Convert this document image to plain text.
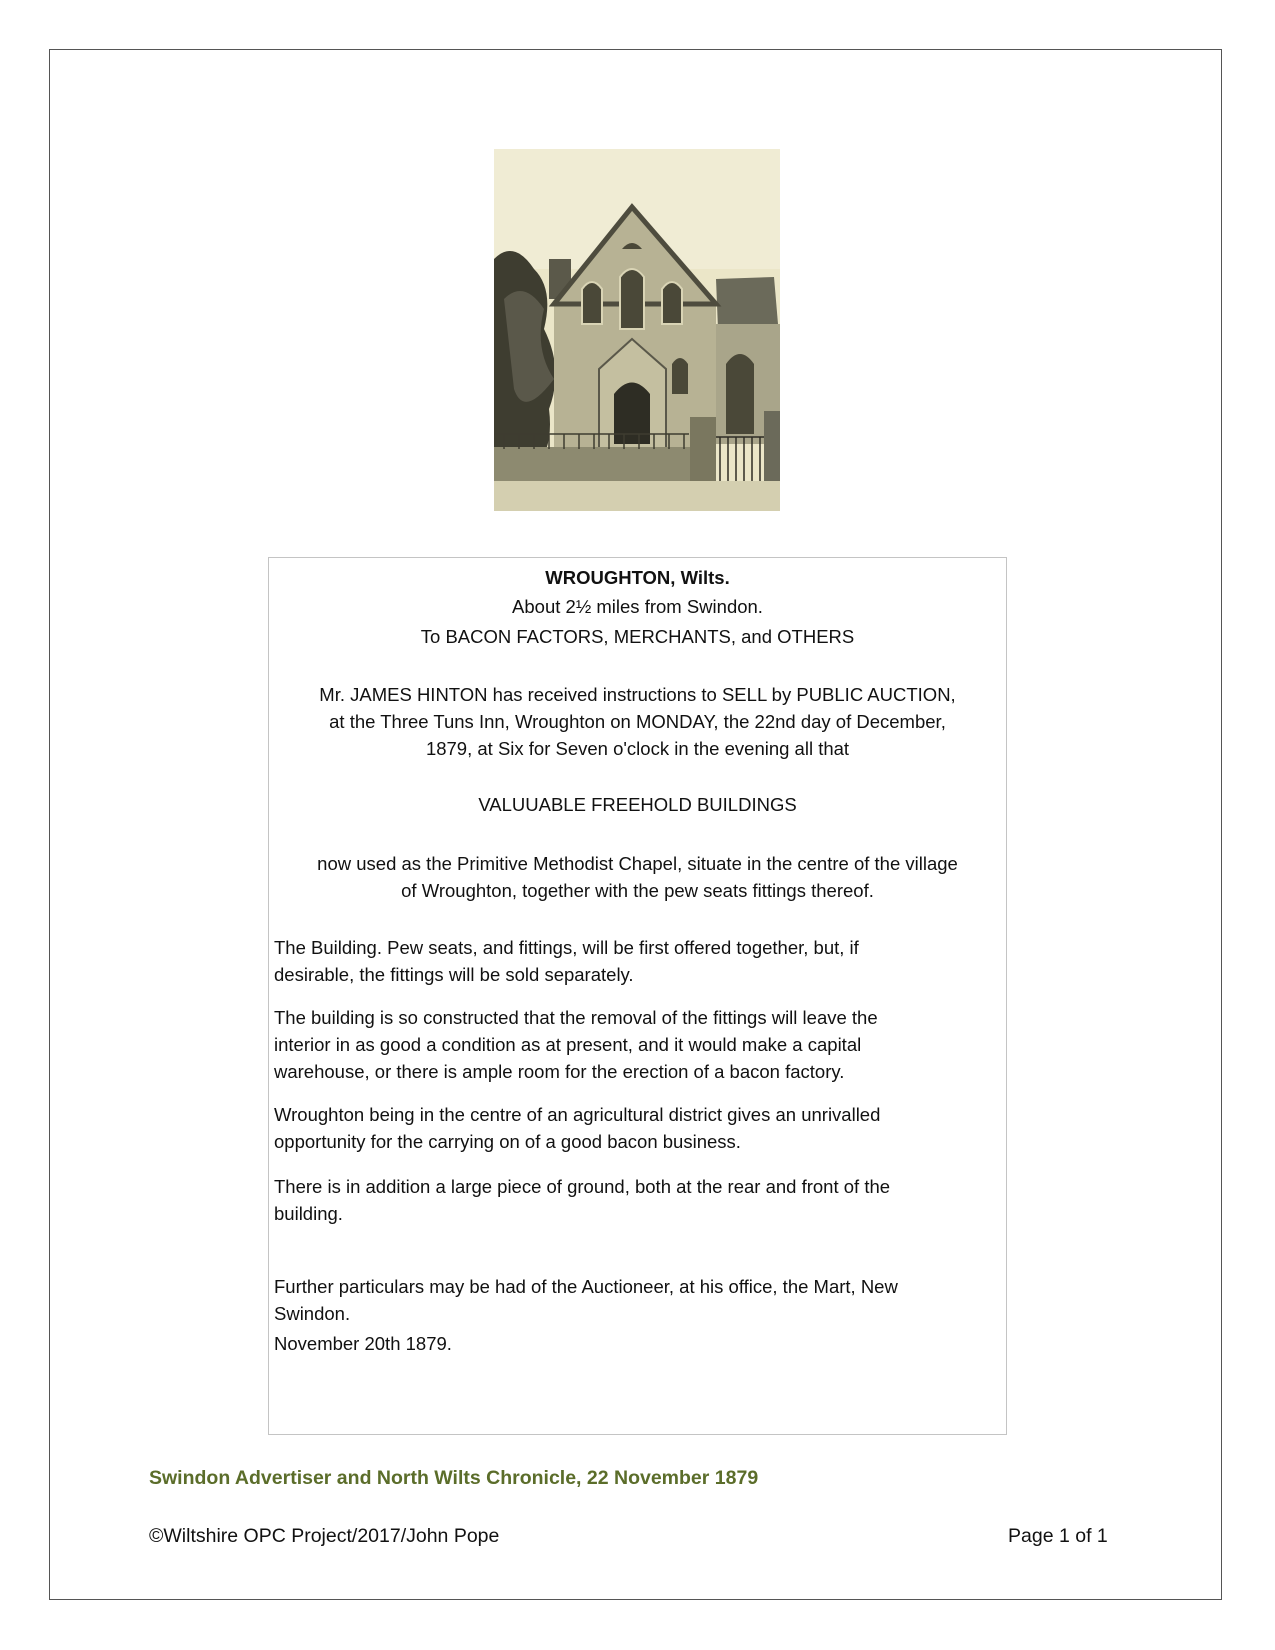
WROUGHTON, Wilts.

About 2½ miles from Swindon.

To BACON FACTORS, MERCHANTS, and OTHERS

Mr. JAMES HINTON has received instructions to SELL by PUBLIC AUCTION,

at the Three Tuns Inn, Wroughton on MONDAY, the 22nd day of December,

1879, at Six for Seven o'clock in the evening all that

VALUUABLE FREEHOLD BUILDINGS

now used as the Primitive Methodist Chapel, situate in the centre of the village

of Wroughton, together with the pew seats fittings thereof.

The Building. Pew seats, and fittings, will be first offered together, but, if

desirable, the fittings will be sold separately.

The building is so constructed that the removal of the fittings will leave the

interior in as good a condition as at present, and it would make a capital

warehouse, or there is ample room for the erection of a bacon factory.

Wroughton being in the centre of an agricultural district gives an unrivalled

opportunity for the carrying on of a good bacon business.

There is in addition a large piece of ground, both at the rear and front of the

building.

Further particulars may be had of the Auctioneer, at his office, the Mart, New

Swindon.

November 20th 1879.

Swindon Advertiser and North Wilts Chronicle, 22 November 1879
©Wiltshire OPC Project/2017/John Pope	Page 1 of 1
